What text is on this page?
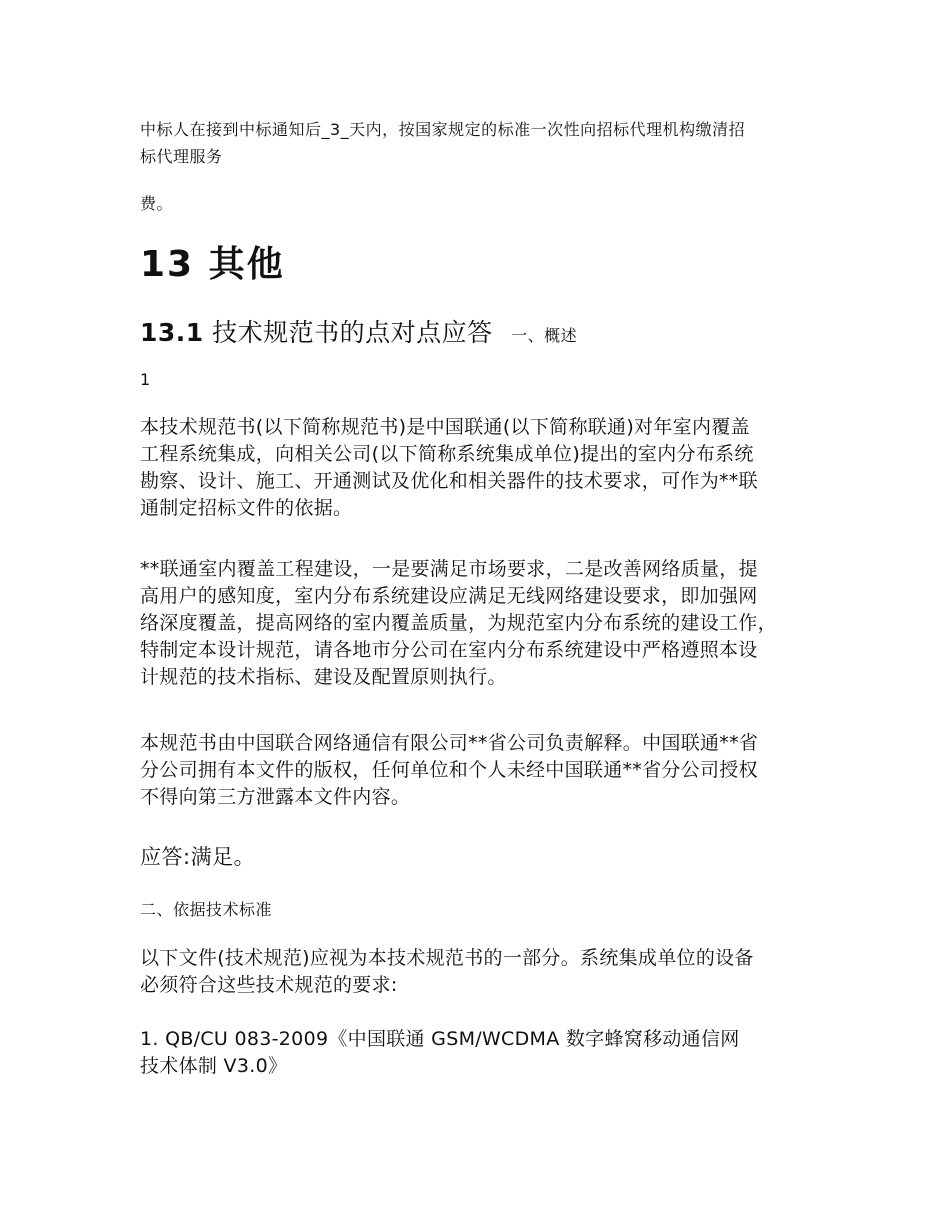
中标人在接到中标通知后_3_天内，按国家规定的标准一次性向招标代理机构缴清招

标代理服务

费。

13 其他
13.1 技术规范书的点对点应答 一、概述
1

本技术规范书(以下简称规范书)是中国联通(以下简称联通)对年室内覆盖

工程系统集成，向相关公司(以下简称系统集成单位)提出的室内分布系统

勘察、设计、施工、开通测试及优化和相关器件的技术要求，可作为**联

通制定招标文件的依据。

**联通室内覆盖工程建设，一是要满足市场要求，二是改善网络质量，提

高用户的感知度，室内分布系统建设应满足无线网络建设要求，即加强网

络深度覆盖，提高网络的室内覆盖质量，为规范室内分布系统的建设工作，

特制定本设计规范，请各地市分公司在室内分布系统建设中严格遵照本设

计规范的技术指标、建设及配置原则执行。

本规范书由中国联合网络通信有限公司**省公司负责解释。中国联通**省

分公司拥有本文件的版权，任何单位和个人未经中国联通**省分公司授权

不得向第三方泄露本文件内容。

应答:满足。
二、依据技术标准

以下文件(技术规范)应视为本技术规范书的一部分。系统集成单位的设备

必须符合这些技术规范的要求:

1. QB/CU 083-2009《中国联通 GSM/WCDMA 数字蜂窝移动通信网

技术体制 V3.0》
